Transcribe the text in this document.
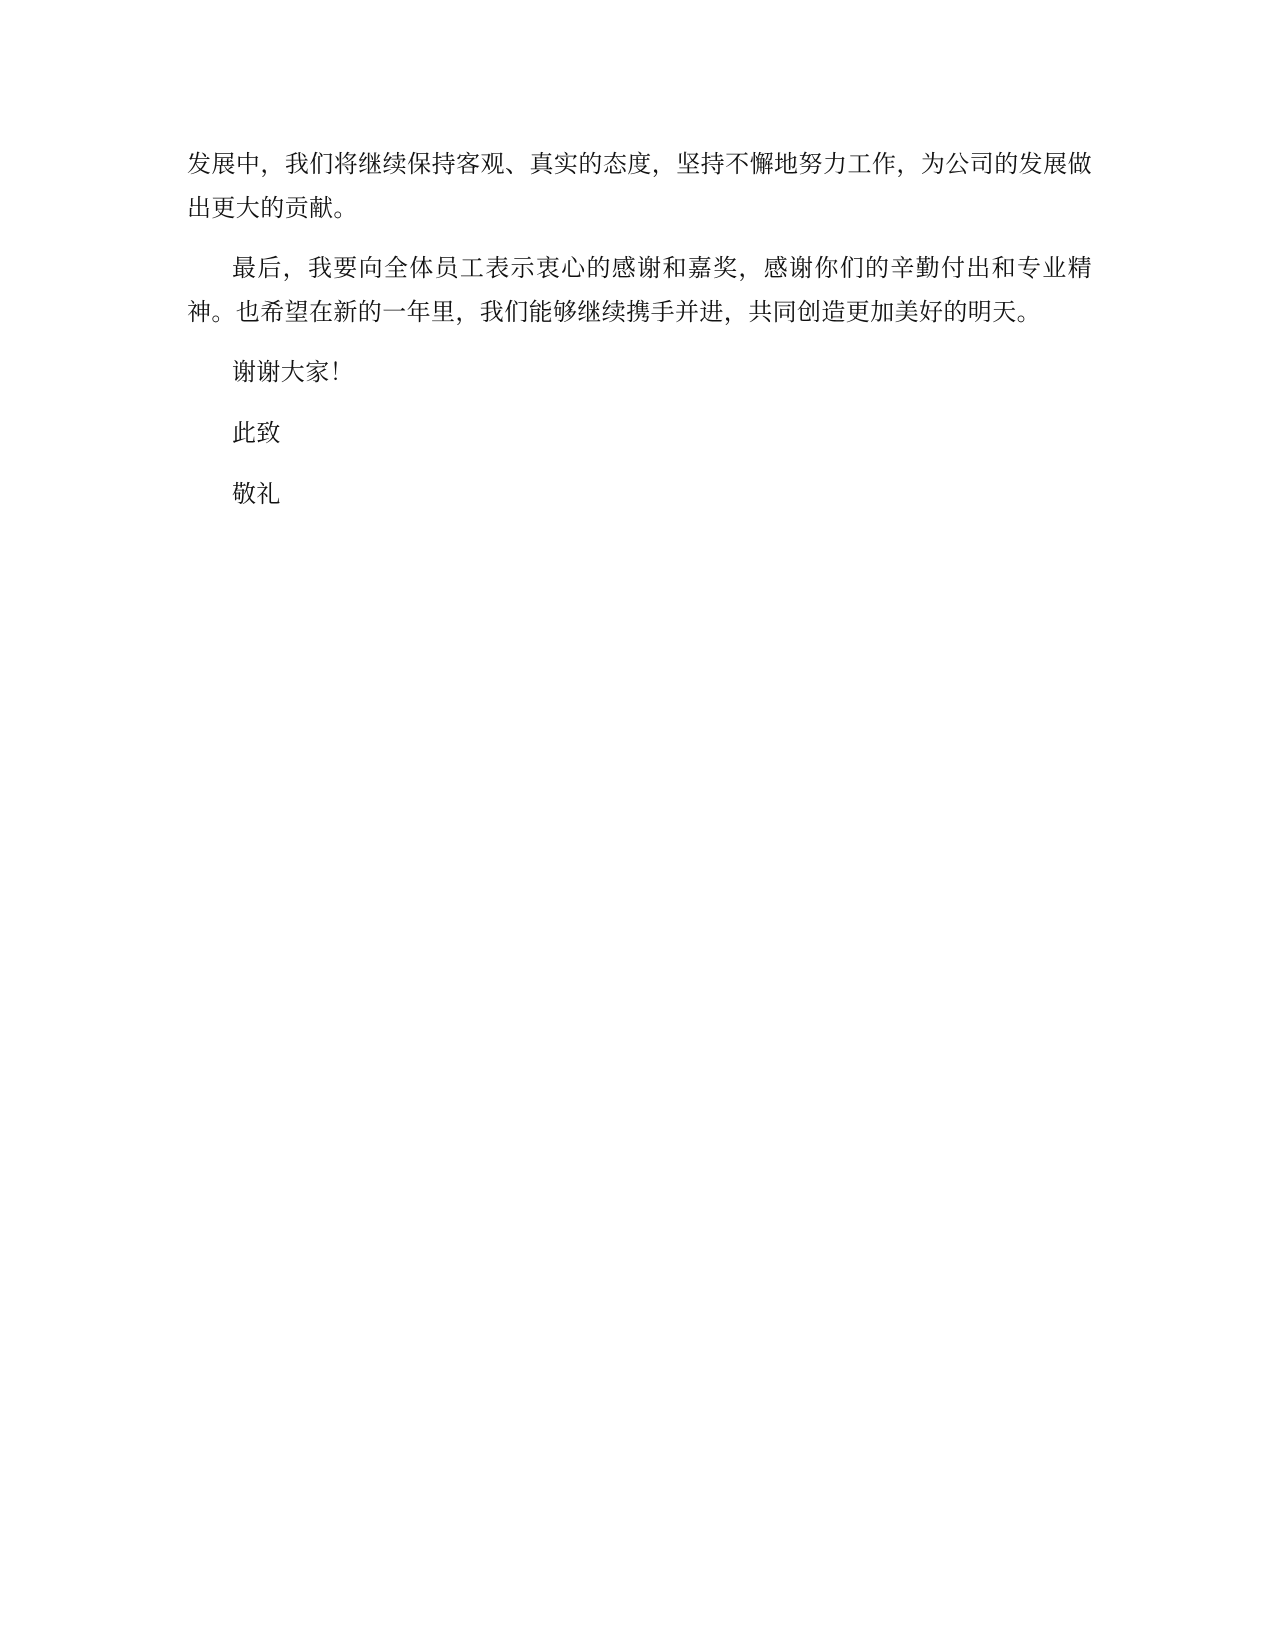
发展中，我们将继续保持客观、真实的态度，坚持不懈地努力工作，为公司的发展做出更大的贡献。

最后，我要向全体员工表示衷心的感谢和嘉奖，感谢你们的辛勤付出和专业精神。也希望在新的一年里，我们能够继续携手并进，共同创造更加美好的明天。

谢谢大家！

此致

敬礼
